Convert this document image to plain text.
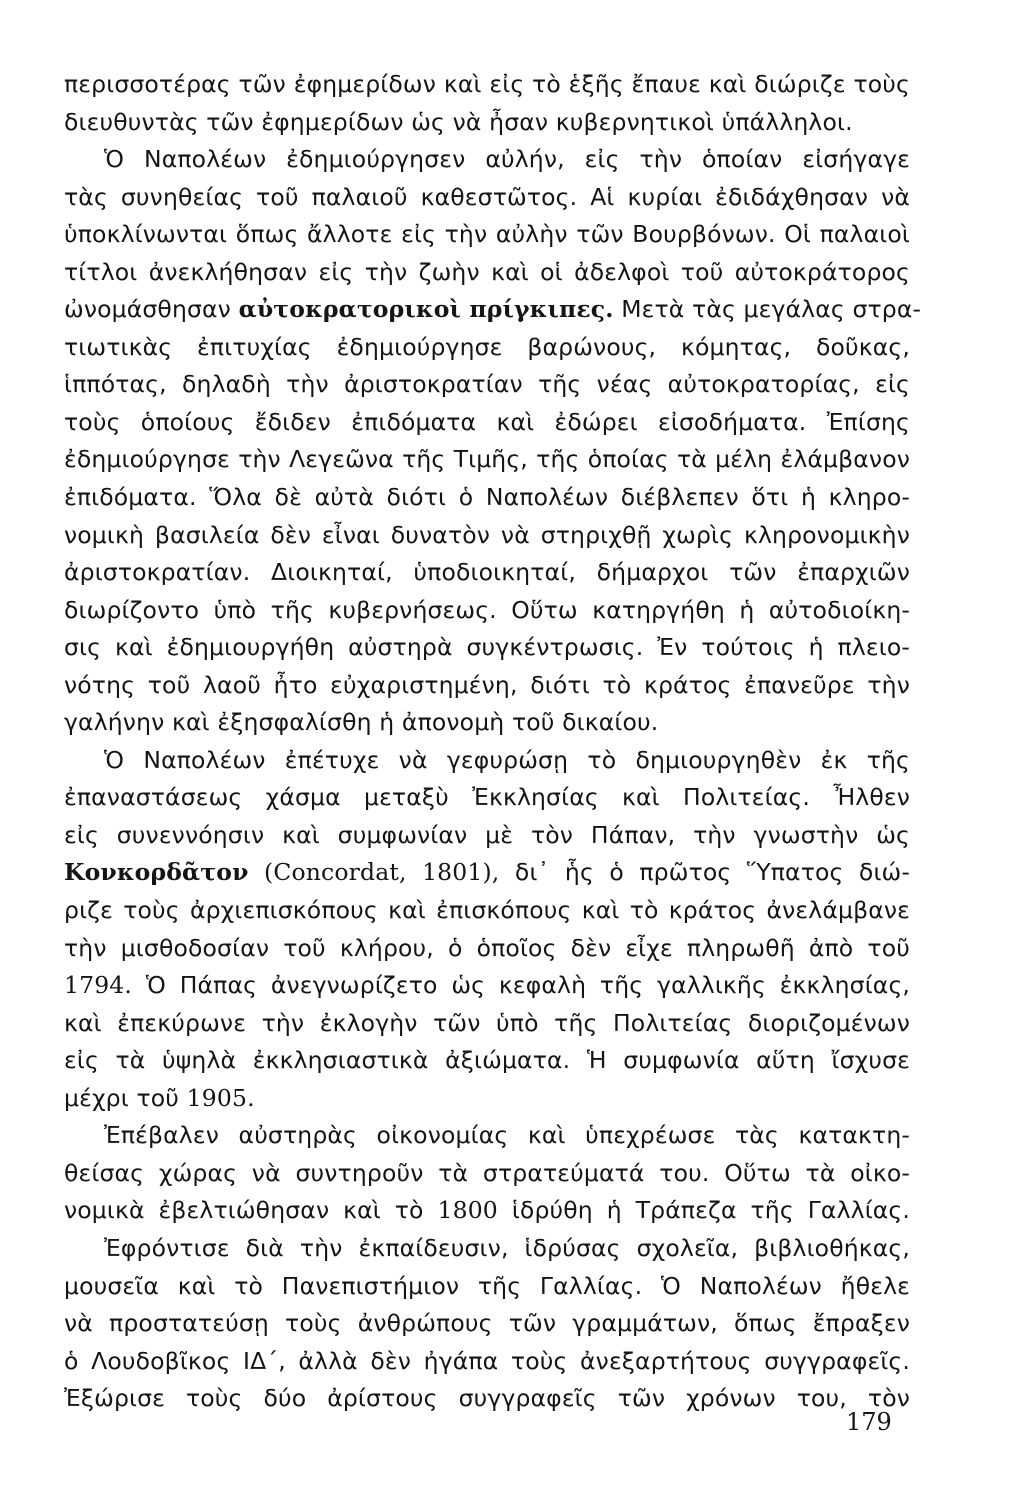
περισσοτέρας τῶν ἐφημερίδων καὶ εἰς τὸ ἑξῆς ἔπαυε καὶ διώριζε τοὺς
διευθυντὰς τῶν ἐφημερίδων ὡς νὰ ἦσαν κυβερνητικοὶ ὑπάλληλοι.
Ὁ Ναπολέων ἐδημιούργησεν αὐλήν, εἰς τὴν ὁποίαν εἰσήγαγε
τὰς συνηθείας τοῦ παλαιοῦ καθεστῶτος. Αἱ κυρίαι ἐδιδάχθησαν νὰ
ὑποκλίνωνται ὅπως ἄλλοτε εἰς τὴν αὐλὴν τῶν Βουρβόνων. Οἱ παλαιοὶ
τίτλοι ἀνεκλήθησαν εἰς τὴν ζωὴν καὶ οἱ ἀδελφοὶ τοῦ αὐτοκράτορος
ὠνομάσθησαν αὐτοκρατορικοὶ πρίγκιπες. Μετὰ τὰς μεγάλας στρα-
τιωτικὰς ἐπιτυχίας ἐδημιούργησε βαρώνους, κόμητας, δοῦκας,
ἱππότας, δηλαδὴ τὴν ἀριστοκρατίαν τῆς νέας αὐτοκρατορίας, εἰς
τοὺς ὁποίους ἔδιδεν ἐπιδόματα καὶ ἐδώρει εἰσοδήματα. Ἐπίσης
ἐδημιούργησε τὴν Λεγεῶνα τῆς Τιμῆς, τῆς ὁποίας τὰ μέλη ἐλάμβανον
ἐπιδόματα. Ὅλα δὲ αὐτὰ διότι ὁ Ναπολέων διέβλεπεν ὅτι ἡ κληρο-
νομικὴ βασιλεία δὲν εἶναι δυνατὸν νὰ στηριχθῇ χωρὶς κληρονομικὴν
ἀριστοκρατίαν. Διοικηταί, ὑποδιοικηταί, δήμαρχοι τῶν ἐπαρχιῶν
διωρίζοντο ὑπὸ τῆς κυβερνήσεως. Οὕτω κατηργήθη ἡ αὐτοδιοίκη-
σις καὶ ἐδημιουργήθη αὐστηρὰ συγκέντρωσις. Ἐν τούτοις ἡ πλειο-
νότης τοῦ λαοῦ ἦτο εὐχαριστημένη, διότι τὸ κράτος ἐπανεῦρε τὴν
γαλήνην καὶ ἐξησφαλίσθη ἡ ἀπονομὴ τοῦ δικαίου.
Ὁ Ναπολέων ἐπέτυχε νὰ γεφυρώσῃ τὸ δημιουργηθὲν ἐκ τῆς
ἐπαναστάσεως χάσμα μεταξὺ Ἐκκλησίας καὶ Πολιτείας. Ἦλθεν
εἰς συνεννόησιν καὶ συμφωνίαν μὲ τὸν Πάπαν, τὴν γνωστὴν ὡς
Κονκορδᾶτον (Concordat, 1801), δι᾽ ἧς ὁ πρῶτος Ὕπατος διώ-
ριζε τοὺς ἀρχιεπισκόπους καὶ ἐπισκόπους καὶ τὸ κράτος ἀνελάμβανε
τὴν μισθοδοσίαν τοῦ κλήρου, ὁ ὁποῖος δὲν εἶχε πληρωθῆ ἀπὸ τοῦ
1794. Ὁ Πάπας ἀνεγνωρίζετο ὡς κεφαλὴ τῆς γαλλικῆς ἐκκλησίας,
καὶ ἐπεκύρωνε τὴν ἐκλογὴν τῶν ὑπὸ τῆς Πολιτείας διοριζομένων
εἰς τὰ ὑψηλὰ ἐκκλησιαστικὰ ἀξιώματα. Ἡ συμφωνία αὕτη ἴσχυσε
μέχρι τοῦ 1905.
Ἐπέβαλεν αὐστηρὰς οἰκονομίας καὶ ὑπεχρέωσε τὰς κατακτη-
θείσας χώρας νὰ συντηροῦν τὰ στρατεύματά του. Οὕτω τὰ οἰκο-
νομικὰ ἐβελτιώθησαν καὶ τὸ 1800 ἱδρύθη ἡ Τράπεζα τῆς Γαλλίας.
Ἐφρόντισε διὰ τὴν ἐκπαίδευσιν, ἱδρύσας σχολεῖα, βιβλιοθήκας,
μουσεῖα καὶ τὸ Πανεπιστήμιον τῆς Γαλλίας. Ὁ Ναπολέων ἤθελε
νὰ προστατεύσῃ τοὺς ἀνθρώπους τῶν γραμμάτων, ὅπως ἔπραξεν
ὁ Λουδοβῖκος ΙΔ΄, ἀλλὰ δὲν ἠγάπα τοὺς ἀνεξαρτήτους συγγραφεῖς.
Ἐξώρισε τοὺς δύο ἀρίστους συγγραφεῖς τῶν χρόνων του, τὸν
179
